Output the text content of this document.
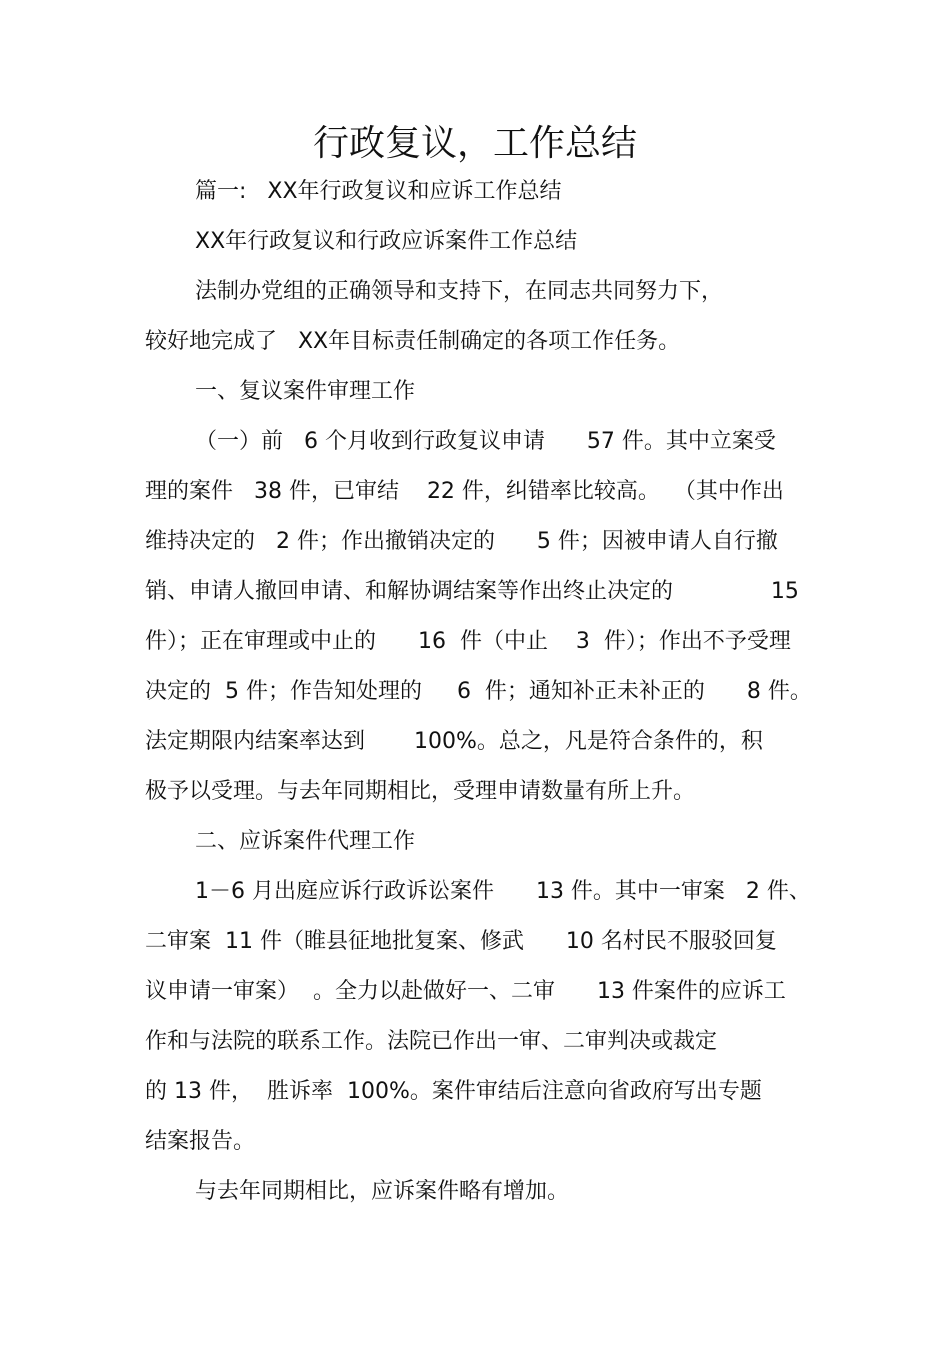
行政复议，工作总结
篇一:   XX年行政复议和应诉工作总结
XX年行政复议和行政应诉案件工作总结
法制办党组的正确领导和支持下，在同志共同努力下，
较好地完成了   XX年目标责任制确定的各项工作任务。
一、复议案件审理工作
（一）前   6 个月收到行政复议申请      57 件。其中立案受
理的案件   38 件，已审结    22 件，纠错率比较高。  （其中作出
维持决定的   2 件；作出撤销决定的      5 件；因被申请人自行撤
销、申请人撤回申请、和解协调结案等作出终止决定的              15
件）；正在审理或中止的      16  件（中止    3  件）；作出不予受理
决定的  5 件；作告知处理的     6  件；通知补正未补正的      8 件。
法定期限内结案率达到       100%。总之，凡是符合条件的，积
极予以受理。与去年同期相比，受理申请数量有所上升。
二、应诉案件代理工作
1－6 月出庭应诉行政诉讼案件      13 件。其中一审案   2 件、
二审案  11 件（睢县征地批复案、修武      10 名村民不服驳回复
议申请一审案）  。全力以赴做好一、二审      13 件案件的应诉工
作和与法院的联系工作。法院已作出一审、二审判决或裁定
的 13 件，  胜诉率  100%。案件审结后注意向省政府写出专题
结案报告。
与去年同期相比，应诉案件略有增加。
